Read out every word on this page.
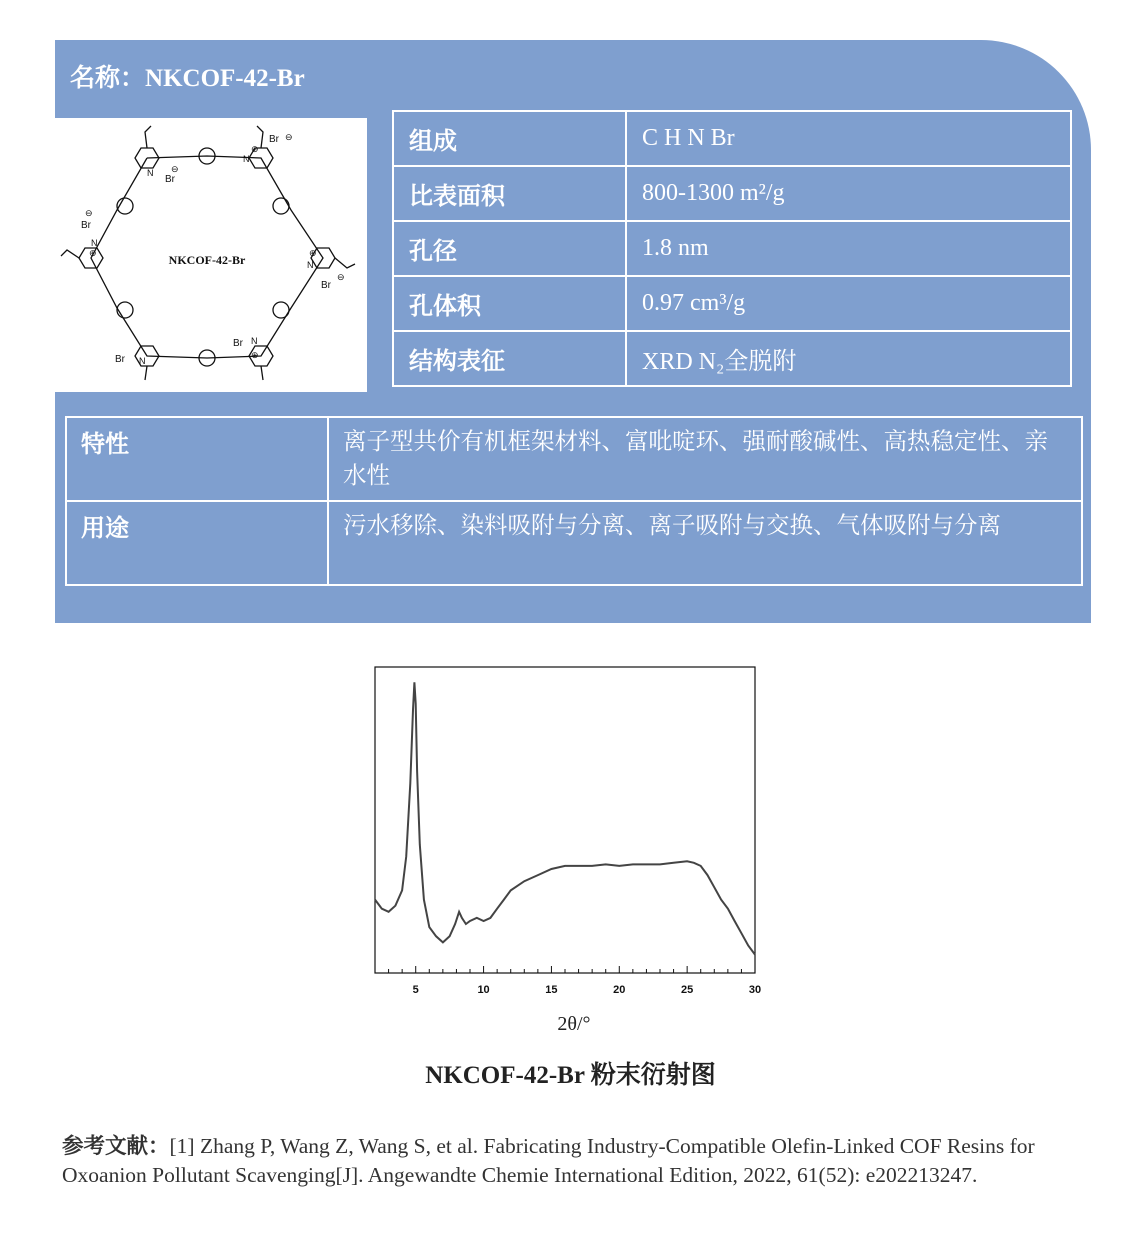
名称：NKCOF-42-Br
Br
Br
Br
Br
Br
Br
N
N
N
N
N
N
⊕
⊕	⊕
⊕
⊖
⊖
⊖
⊖
NKCOF-42-Br
组成	C H N Br
比表面积	800-1300 m²/g
孔径	1.8 nm
孔体积	0.97 cm³/g
结构表征	XRD N₂全脱附
特性	离子型共价有机框架材料、富吡啶环、强耐酸碱性、高热稳定性、亲水性
用途	污水移除、染料吸附与分离、离子吸附与交换、气体吸附与分离
5	10	15	20	25	30
2θ/°
NKCOF-42-Br 粉末衍射图
参考文献：[1] Zhang P, Wang Z, Wang S, et al. Fabricating Industry-Compatible Olefin-Linked COF Resins for Oxoanion Pollutant Scavenging[J]. Angewandte Chemie International Edition, 2022, 61(52): e202213247.
